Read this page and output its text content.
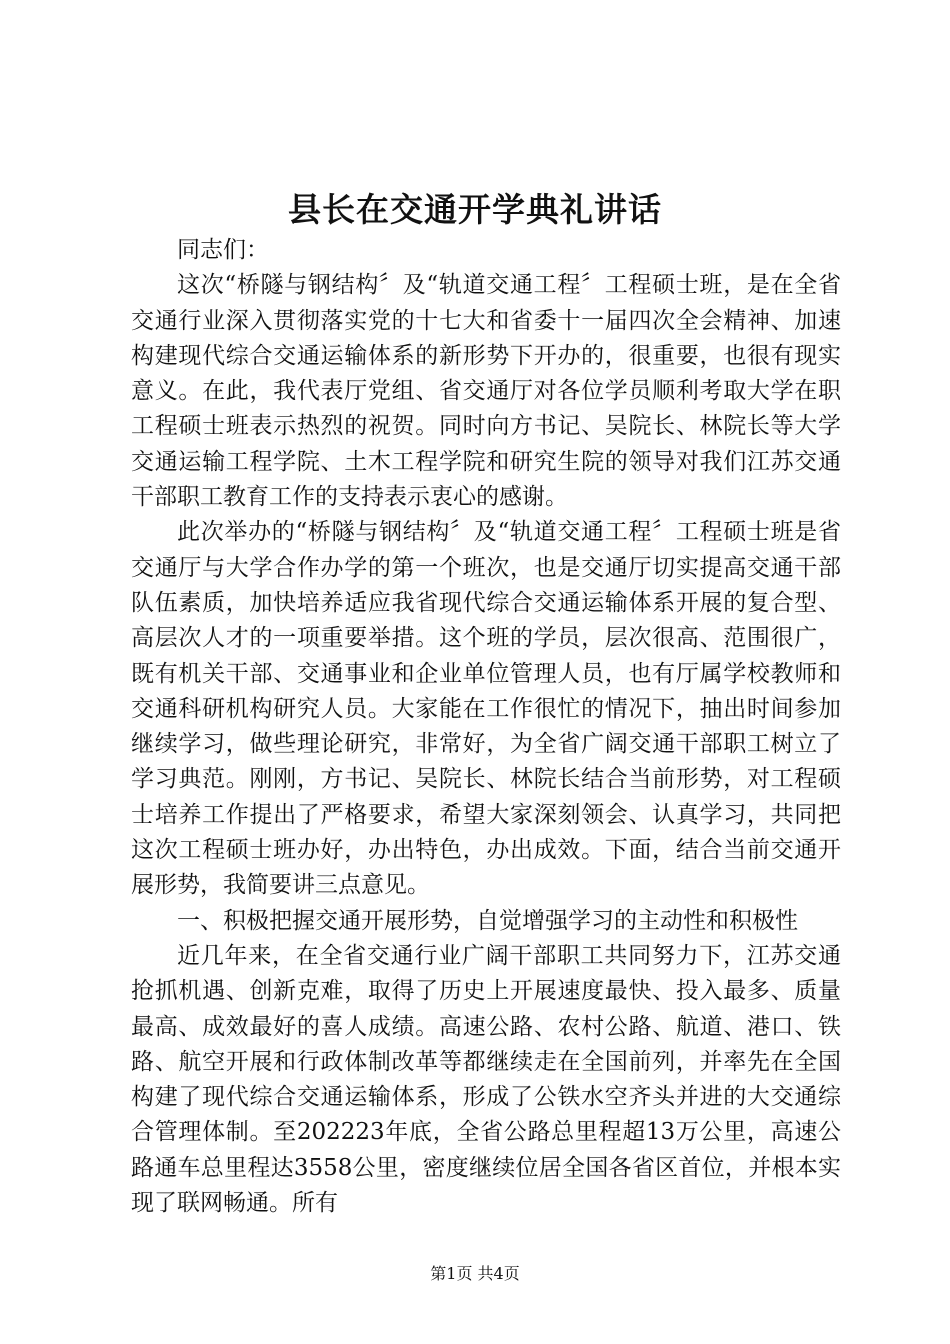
县长在交通开学典礼讲话

同志们：

这次“桥隧与钢结构〞及“轨道交通工程〞工程硕士班，是在全省交通行业深入贯彻落实党的十七大和省委十一届四次全会精神、加速构建现代综合交通运输体系的新形势下开办的，很重要，也很有现实意义。在此，我代表厅党组、省交通厅对各位学员顺利考取大学在职工程硕士班表示热烈的祝贺。同时向方书记、吴院长、林院长等大学交通运输工程学院、土木工程学院和研究生院的领导对我们江苏交通干部职工教育工作的支持表示衷心的感谢。

此次举办的“桥隧与钢结构〞及“轨道交通工程〞工程硕士班是省交通厅与大学合作办学的第一个班次，也是交通厅切实提高交通干部队伍素质，加快培养适应我省现代综合交通运输体系开展的复合型、高层次人才的一项重要举措。这个班的学员，层次很高、范围很广，既有机关干部、交通事业和企业单位管理人员，也有厅属学校教师和交通科研机构研究人员。大家能在工作很忙的情况下，抽出时间参加继续学习，做些理论研究，非常好，为全省广阔交通干部职工树立了学习典范。刚刚，方书记、吴院长、林院长结合当前形势，对工程硕士培养工作提出了严格要求，希望大家深刻领会、认真学习，共同把这次工程硕士班办好，办出特色，办出成效。下面，结合当前交通开展形势，我简要讲三点意见。

一、积极把握交通开展形势，自觉增强学习的主动性和积极性

近几年来，在全省交通行业广阔干部职工共同努力下，江苏交通抢抓机遇、创新克难，取得了历史上开展速度最快、投入最多、质量最高、成效最好的喜人成绩。高速公路、农村公路、航道、港口、铁路、航空开展和行政体制改革等都继续走在全国前列，并率先在全国构建了现代综合交通运输体系，形成了公铁水空齐头并进的大交通综合管理体制。至202223年底，全省公路总里程超13万公里，高速公路通车总里程达3558公里，密度继续位居全国各省区首位，并根本实现了联网畅通。所有

第1页 共4页
